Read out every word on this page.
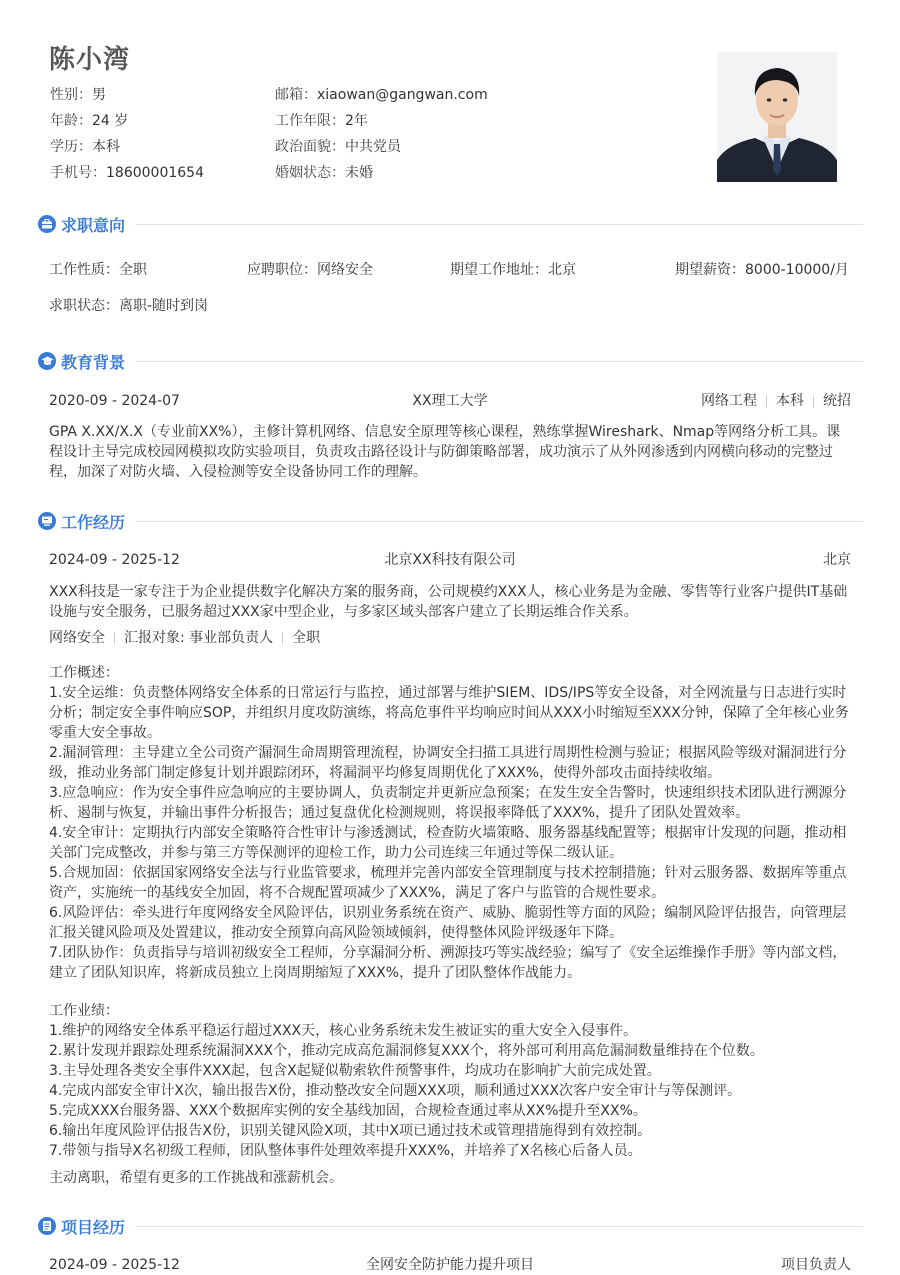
陈小湾
性别：男	邮箱：xiaowan@gangwan.com
年龄：24 岁	工作年限：2年
学历：本科	政治面貌：中共党员
手机号：18600001654	婚姻状态：未婚
求职意向
工作性质：全职	应聘职位：网络安全	期望工作地址：北京	期望薪资：8000-10000/月
求职状态：离职-随时到岗
教育背景
2020-09 - 2024-07	XX理工大学	网络工程 本科 统招
GPA X.XX/X.X（专业前XX%），主修计算机网络、信息安全原理等核心课程，熟练掌握Wireshark、Nmap等网络分析工具。课
程设计主导完成校园网模拟攻防实验项目，负责攻击路径设计与防御策略部署，成功演示了从外网渗透到内网横向移动的完整过
程，加深了对防火墙、入侵检测等安全设备协同工作的理解。
工作经历
2024-09 - 2025-12	北京XX科技有限公司	北京
XXX科技是一家专注于为企业提供数字化解决方案的服务商，公司规模约XXX人，核心业务是为金融、零售等行业客户提供IT基础
设施与安全服务，已服务超过XXX家中型企业，与多家区域头部客户建立了长期运维合作关系。
网络安全 汇报对象: 事业部负责人 全职
工作概述：
1.安全运维：负责整体网络安全体系的日常运行与监控，通过部署与维护SIEM、IDS/IPS等安全设备，对全网流量与日志进行实时
分析；制定安全事件响应SOP，并组织月度攻防演练，将高危事件平均响应时间从XXX小时缩短至XXX分钟，保障了全年核心业务
零重大安全事故。
2.漏洞管理：主导建立全公司资产漏洞生命周期管理流程，协调安全扫描工具进行周期性检测与验证；根据风险等级对漏洞进行分
级，推动业务部门制定修复计划并跟踪闭环，将漏洞平均修复周期优化了XXX%，使得外部攻击面持续收缩。
3.应急响应：作为安全事件应急响应的主要协调人，负责制定并更新应急预案；在发生安全告警时，快速组织技术团队进行溯源分
析、遏制与恢复，并输出事件分析报告；通过复盘优化检测规则，将误报率降低了XXX%，提升了团队处置效率。
4.安全审计：定期执行内部安全策略符合性审计与渗透测试，检查防火墙策略、服务器基线配置等；根据审计发现的问题，推动相
关部门完成整改，并参与第三方等保测评的迎检工作，助力公司连续三年通过等保二级认证。
5.合规加固：依据国家网络安全法与行业监管要求，梳理并完善内部安全管理制度与技术控制措施；针对云服务器、数据库等重点
资产，实施统一的基线安全加固，将不合规配置项减少了XXX%，满足了客户与监管的合规性要求。
6.风险评估：牵头进行年度网络安全风险评估，识别业务系统在资产、威胁、脆弱性等方面的风险；编制风险评估报告，向管理层
汇报关键风险项及处置建议，推动安全预算向高风险领域倾斜，使得整体风险评级逐年下降。
7.团队协作：负责指导与培训初级安全工程师，分享漏洞分析、溯源技巧等实战经验；编写了《安全运维操作手册》等内部文档，
建立了团队知识库，将新成员独立上岗周期缩短了XXX%，提升了团队整体作战能力。
工作业绩：
1.维护的网络安全体系平稳运行超过XXX天，核心业务系统未发生被证实的重大安全入侵事件。
2.累计发现并跟踪处理系统漏洞XXX个，推动完成高危漏洞修复XXX个，将外部可利用高危漏洞数量维持在个位数。
3.主导处理各类安全事件XXX起，包含X起疑似勒索软件预警事件，均成功在影响扩大前完成处置。
4.完成内部安全审计X次，输出报告X份，推动整改安全问题XXX项，顺利通过XXX次客户安全审计与等保测评。
5.完成XXX台服务器、XXX个数据库实例的安全基线加固，合规检查通过率从XX%提升至XX%。
6.输出年度风险评估报告X份，识别关键风险X项，其中X项已通过技术或管理措施得到有效控制。
7.带领与指导X名初级工程师，团队整体事件处理效率提升XXX%，并培养了X名核心后备人员。
主动离职，希望有更多的工作挑战和涨薪机会。
项目经历
2024-09 - 2025-12	全网安全防护能力提升项目	项目负责人
